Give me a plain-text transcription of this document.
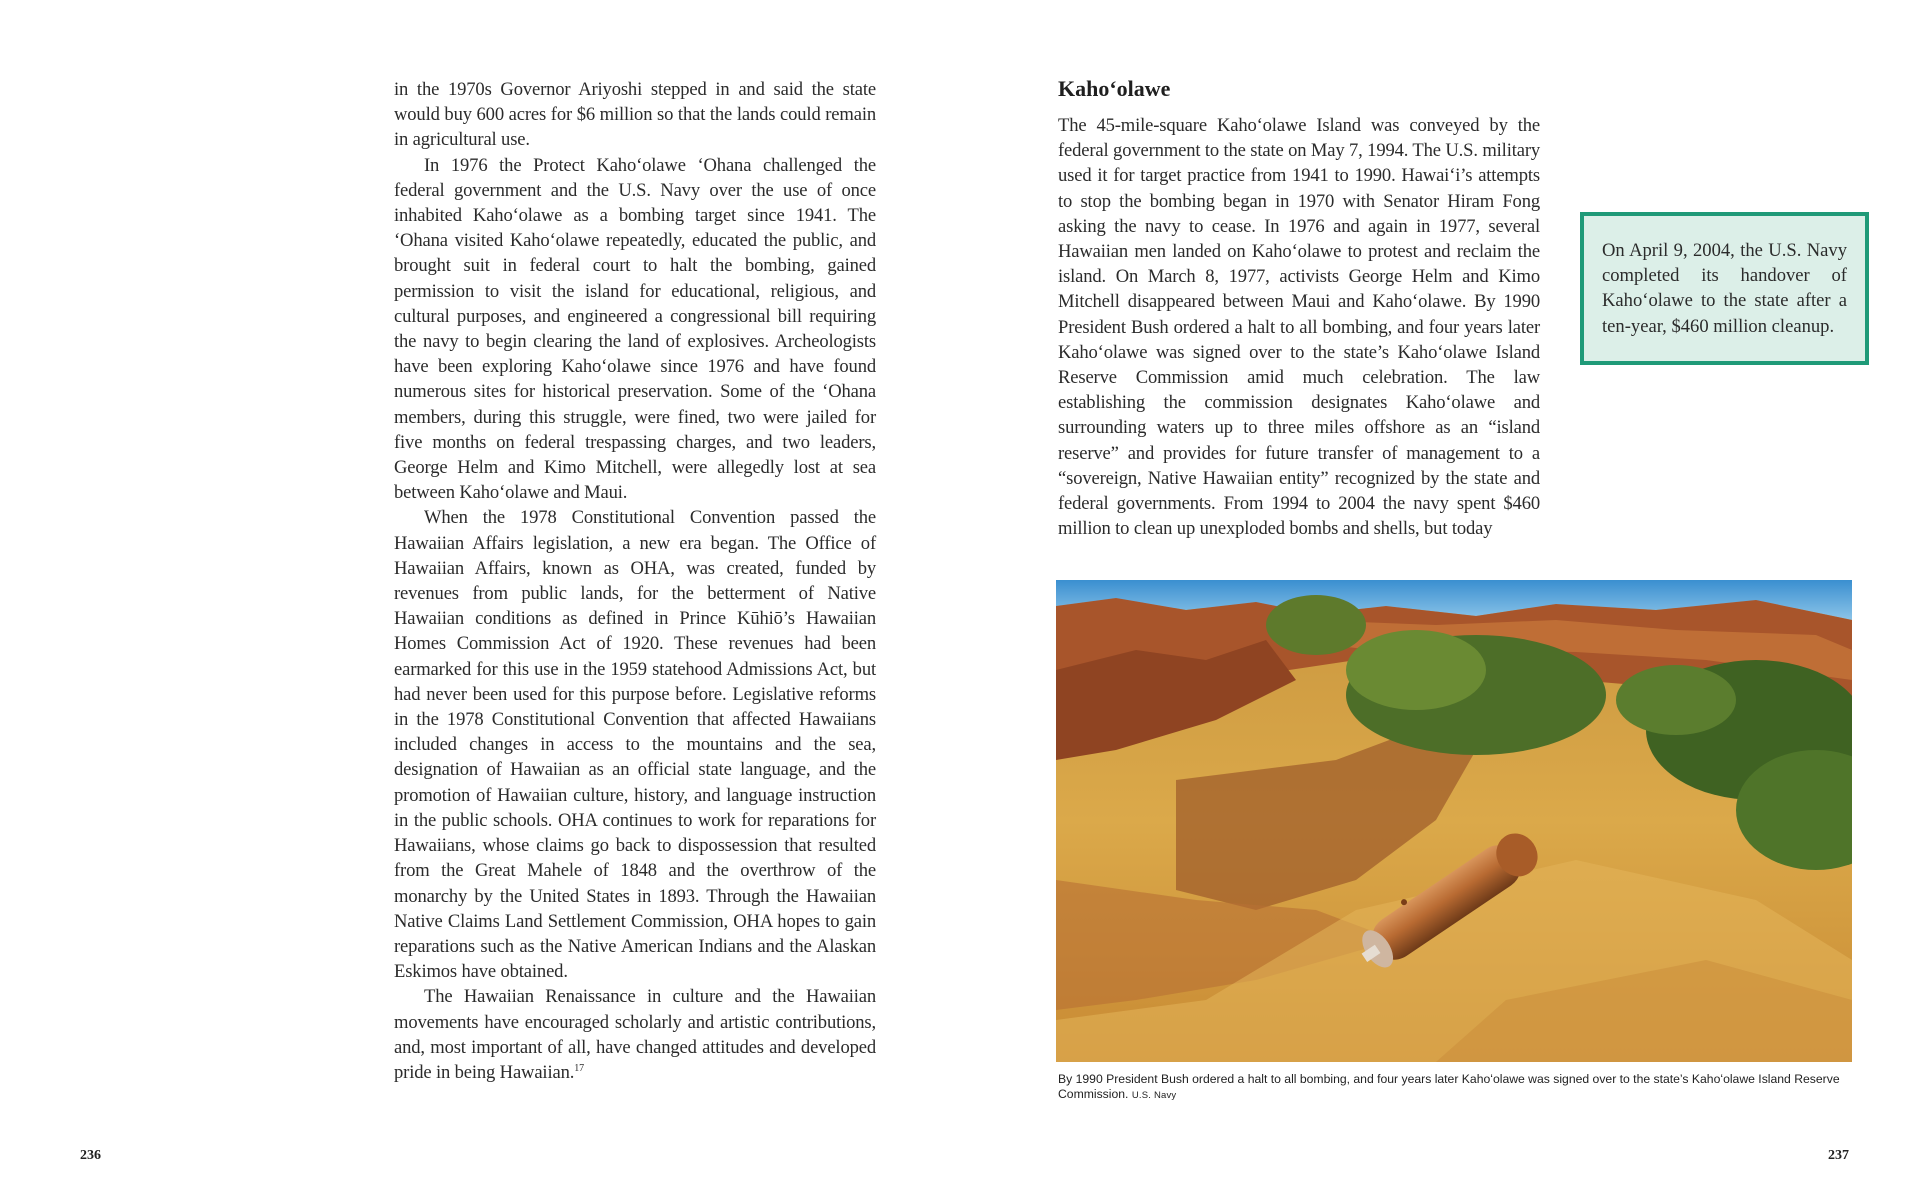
in the 1970s Governor Ariyoshi stepped in and said the state would buy 600 acres for $6 million so that the lands could remain in agricultural use.

In 1976 the Protect Kahoʻolawe ʻOhana challenged the federal government and the U.S. Navy over the use of once inhabited Kahoʻolawe as a bombing target since 1941. The ʻOhana visited Kahoʻolawe repeatedly, educated the public, and brought suit in federal court to halt the bombing, gained permission to visit the island for educational, religious, and cultural purposes, and engineered a congressional bill requiring the navy to begin clearing the land of explosives. Archeologists have been exploring Kahoʻolawe since 1976 and have found numerous sites for historical preservation. Some of the ʻOhana members, during this struggle, were fined, two were jailed for five months on federal trespassing charges, and two leaders, George Helm and Kimo Mitchell, were allegedly lost at sea between Kahoʻolawe and Maui.

When the 1978 Constitutional Convention passed the Hawaiian Affairs legislation, a new era began. The Office of Hawaiian Affairs, known as OHA, was created, funded by revenues from public lands, for the betterment of Native Hawaiian conditions as defined in Prince Kūhiō’s Hawaiian Homes Commission Act of 1920. These revenues had been earmarked for this use in the 1959 statehood Admissions Act, but had never been used for this purpose before. Legislative reforms in the 1978 Constitutional Convention that affected Hawaiians included changes in access to the mountains and the sea, designation of Hawaiian as an official state language, and the promotion of Hawaiian culture, history, and language instruction in the public schools. OHA continues to work for reparations for Hawaiians, whose claims go back to dispossession that resulted from the Great Mahele of 1848 and the overthrow of the monarchy by the United States in 1893. Through the Hawaiian Native Claims Land Settlement Commission, OHA hopes to gain reparations such as the Native American Indians and the Alaskan Eskimos have obtained.

The Hawaiian Renaissance in culture and the Hawaiian movements have encouraged scholarly and artistic contributions, and, most important of all, have changed attitudes and developed pride in being Hawaiian.$^{17}$

236
Kahoʻolawe

The 45-mile-square Kahoʻolawe Island was conveyed by the federal government to the state on May 7, 1994. The U.S. military used it for target practice from 1941 to 1990. Hawaiʻi’s attempts to stop the bombing began in 1970 with Senator Hiram Fong asking the navy to cease. In 1976 and again in 1977, several Hawaiian men landed on Kahoʻolawe to protest and reclaim the island. On March 8, 1977, activists George Helm and Kimo Mitchell disappeared between Maui and Kahoʻolawe. By 1990 President Bush ordered a halt to all bombing, and four years later Kahoʻolawe was signed over to the state’s Kahoʻolawe Island Reserve Commission amid much celebration. The law establishing the commission designates Kahoʻolawe and surrounding waters up to three miles offshore as an “island reserve” and provides for future transfer of management to a “sovereign, Native Hawaiian entity” recognized by the state and federal governments. From 1994 to 2004 the navy spent $460 million to clean up unexploded bombs and shells, but today

On April 9, 2004, the U.S. Navy completed its handover of Kahoʻolawe to the state after a ten-year, $460 million cleanup.

By 1990 President Bush ordered a halt to all bombing, and four years later Kahoʻolawe was signed over to the state’s Kahoʻolawe Island Reserve Commission. U.S. Navy

237
